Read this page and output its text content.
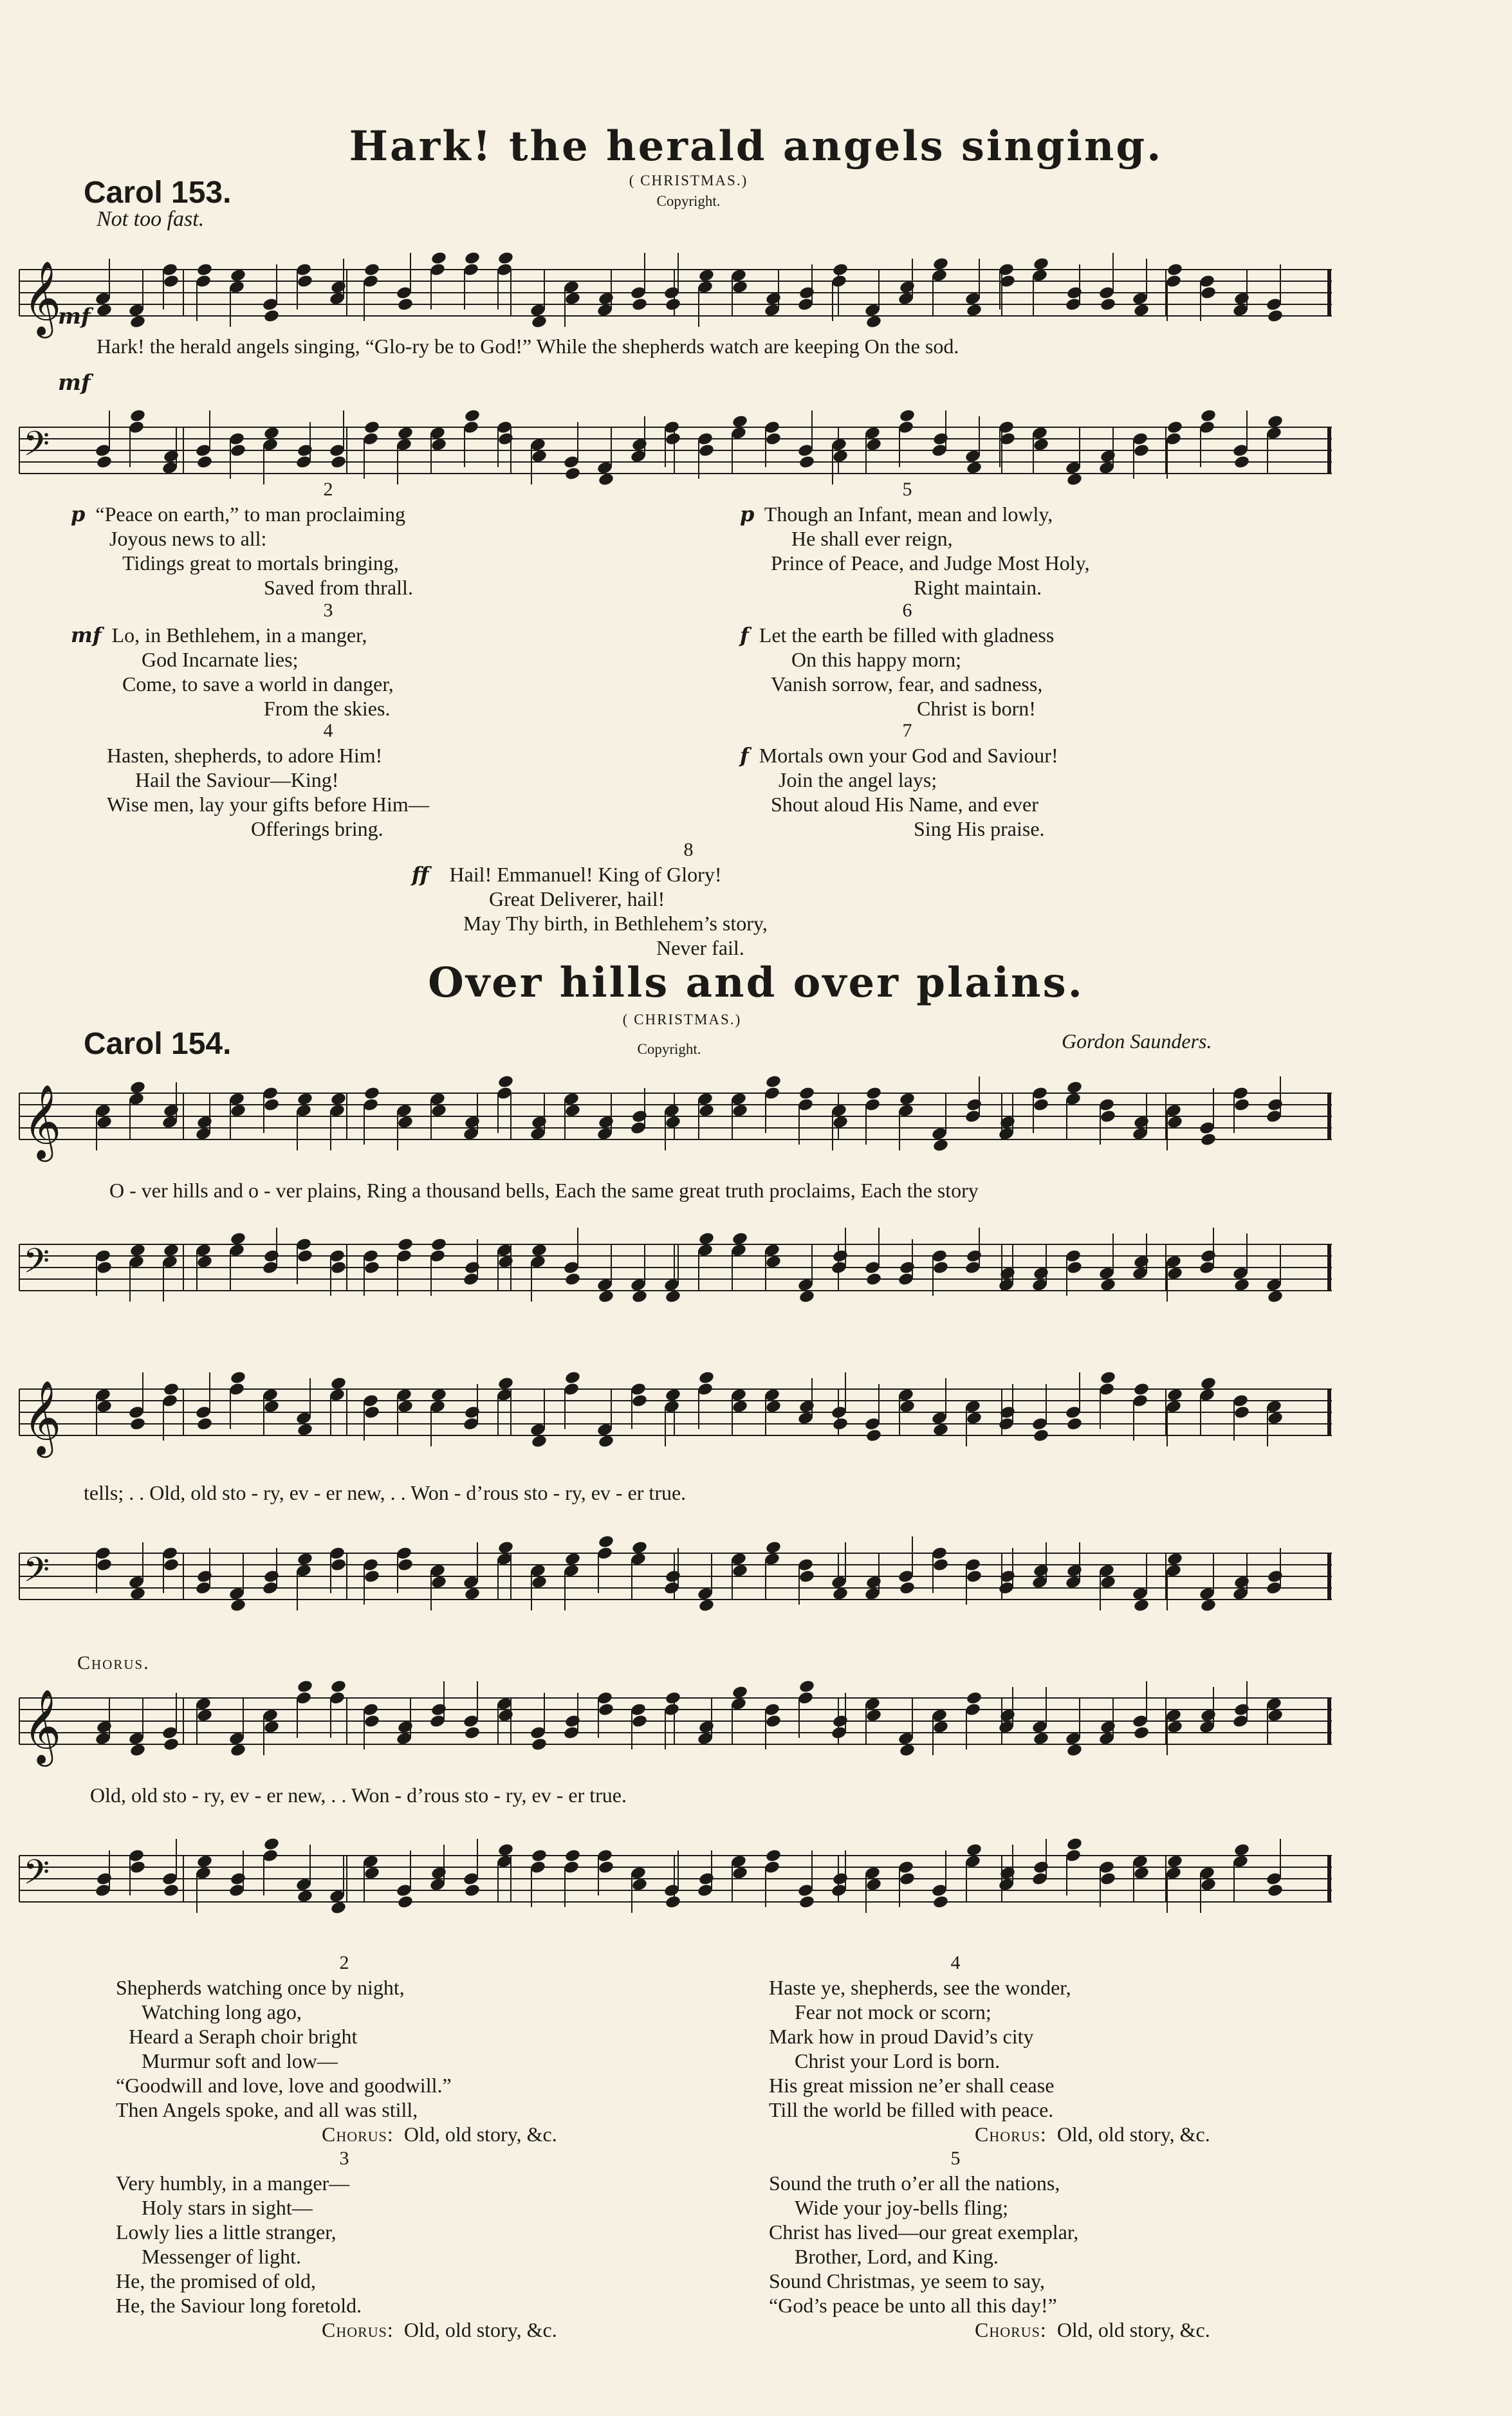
Hark! the herald angels singing.
Carol 153.	( CHRISTMAS.)
Copyright.
Not too fast.
𝄞
mf
Hark! the herald angels singing, “Glo-ry be to God!” While the shepherds watch are keeping On the sod.
mf
𝄢
2
p “Peace on earth,” to man proclaiming
Joyous news to all:
Tidings great to mortals bringing,
Saved from thrall.
3
mf Lo, in Bethlehem, in a manger,
God Incarnate lies;
Come, to save a world in danger,
From the skies.
4
Hasten, shepherds, to adore Him!
Hail the Saviour—King!
Wise men, lay your gifts before Him—
Offerings bring.
5
p Though an Infant, mean and lowly,
He shall ever reign,
Prince of Peace, and Judge Most Holy,
Right maintain.
6
f Let the earth be filled with gladness
On this happy morn;
Vanish sorrow, fear, and sadness,
Christ is born!
7
f Mortals own your God and Saviour!
Join the angel lays;
Shout aloud His Name, and ever
Sing His praise.
8
ff Hail! Emmanuel! King of Glory!
Great Deliverer, hail!
May Thy birth, in Bethlehem’s story,
Never fail.
Over hills and over plains.
( CHRISTMAS.)
Carol 154.	Copyright.	Gordon Saunders.
𝄞
O - ver hills and o - ver plains, Ring a thousand bells, Each the same great truth proclaims, Each the story
𝄢
𝄞
tells; . . Old, old sto - ry, ev - er new, . . Won - d’rous sto - ry, ev - er true.
𝄢
Chorus.
𝄞
Old, old sto - ry, ev - er new, . . Won - d’rous sto - ry, ev - er true.
𝄢
2
Shepherds watching once by night,
Watching long ago,
Heard a Seraph choir bright
Murmur soft and low—
“Goodwill and love, love and goodwill.”
Then Angels spoke, and all was still,
Chorus: Old, old story, &c.
3
Very humbly, in a manger—
Holy stars in sight—
Lowly lies a little stranger,
Messenger of light.
He, the promised of old,
He, the Saviour long foretold.
Chorus: Old, old story, &c.
4
Haste ye, shepherds, see the wonder,
Fear not mock or scorn;
Mark how in proud David’s city
Christ your Lord is born.
His great mission ne’er shall cease
Till the world be filled with peace.
Chorus: Old, old story, &c.
5
Sound the truth o’er all the nations,
Wide your joy-bells fling;
Christ has lived—our great exemplar,
Brother, Lord, and King.
Sound Christmas, ye seem to say,
“God’s peace be unto all this day!”
Chorus: Old, old story, &c.
